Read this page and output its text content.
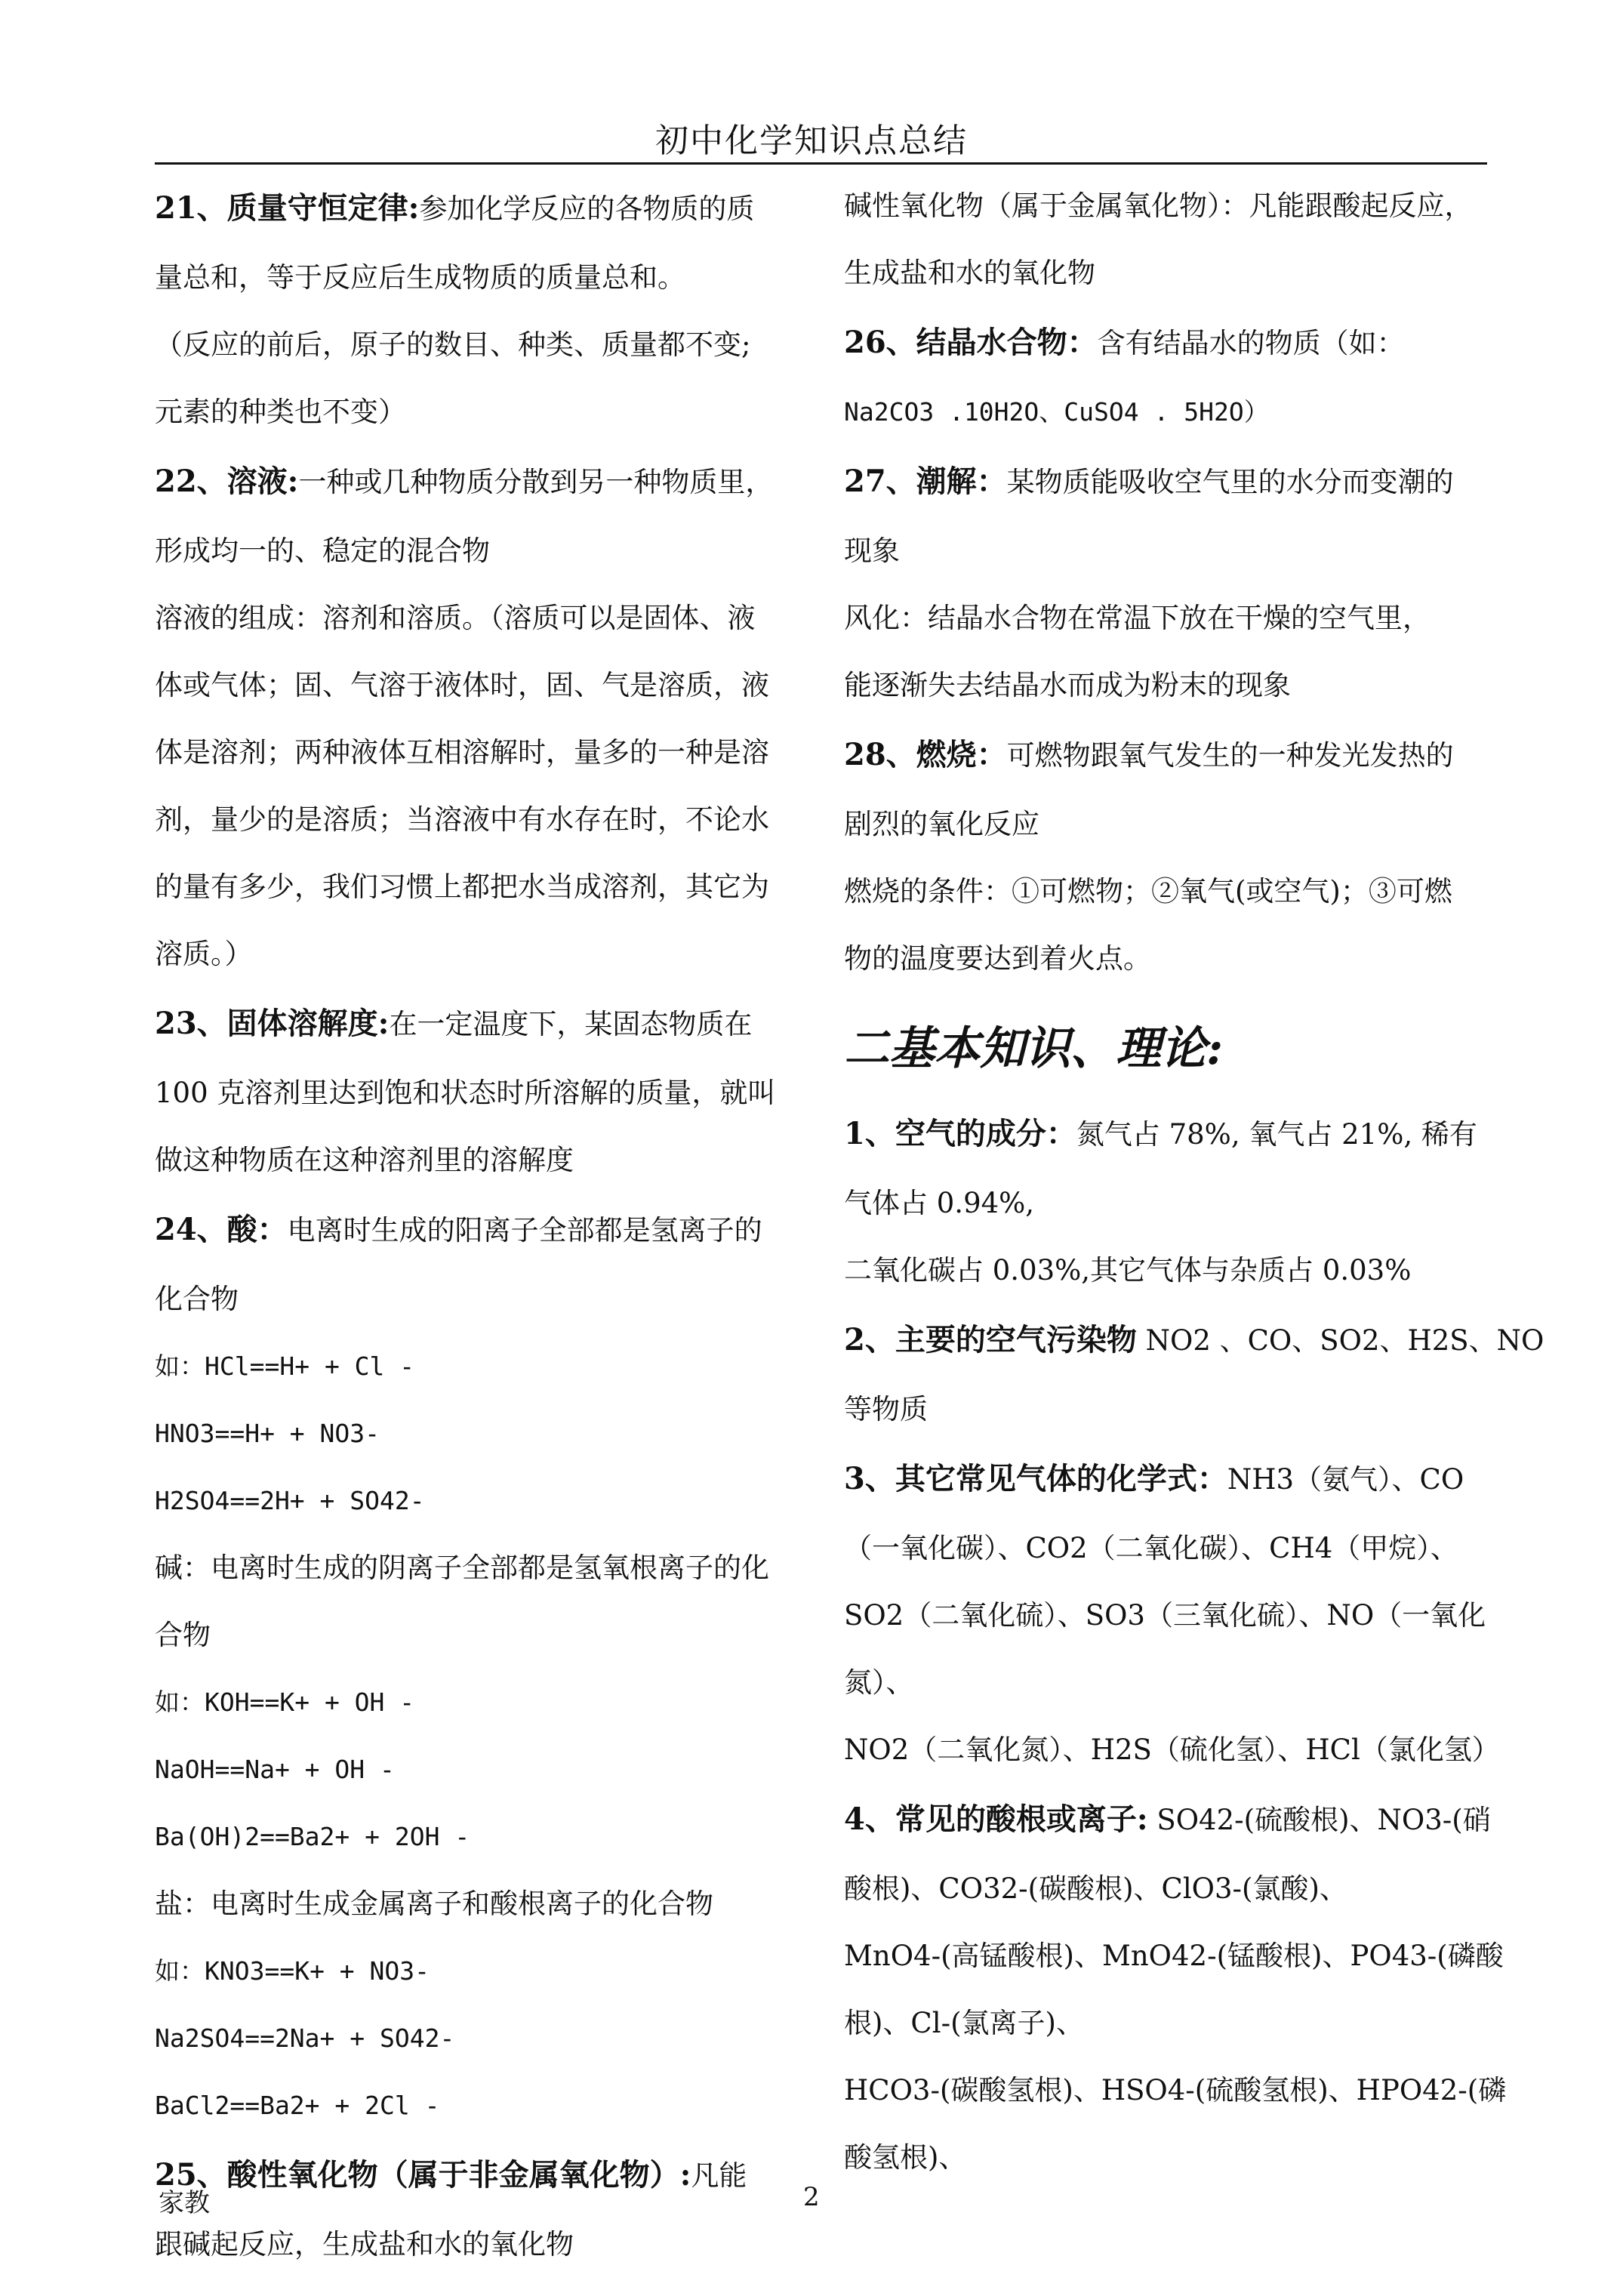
初中化学知识点总结
21、质量守恒定律:参加化学反应的各物质的质
量总和，等于反应后生成物质的质量总和。
（反应的前后，原子的数目、种类、质量都不变;
元素的种类也不变）
22、溶液:一种或几种物质分散到另一种物质里，
形成均一的、稳定的混合物
溶液的组成：溶剂和溶质。（溶质可以是固体、液
体或气体；固、气溶于液体时，固、气是溶质，液
体是溶剂；两种液体互相溶解时，量多的一种是溶
剂，量少的是溶质；当溶液中有水存在时，不论水
的量有多少，我们习惯上都把水当成溶剂，其它为
溶质。）
23、固体溶解度:在一定温度下，某固态物质在
100 克溶剂里达到饱和状态时所溶解的质量，就叫
做这种物质在这种溶剂里的溶解度
24、酸：电离时生成的阳离子全部都是氢离子的
化合物
如：HCl==H+ + Cl -
HNO3==H+ + NO3-
H2SO4==2H+ + SO42-
碱：电离时生成的阴离子全部都是氢氧根离子的化
合物
如：KOH==K+ + OH -
NaOH==Na+ + OH -
Ba(OH)2==Ba2+ + 2OH -
盐：电离时生成金属离子和酸根离子的化合物
如：KNO3==K+ + NO3-
Na2SO4==2Na+ + SO42-
BaCl2==Ba2+ + 2Cl -
25、酸性氧化物（属于非金属氧化物）:凡能
跟碱起反应，生成盐和水的氧化物
碱性氧化物（属于金属氧化物）：凡能跟酸起反应，
生成盐和水的氧化物
26、结晶水合物：含有结晶水的物质（如：
Na2CO3 .10H2O、CuSO4 . 5H2O）
27、潮解：某物质能吸收空气里的水分而变潮的
现象
风化：结晶水合物在常温下放在干燥的空气里，
能逐渐失去结晶水而成为粉末的现象
28、燃烧：可燃物跟氧气发生的一种发光发热的
剧烈的氧化反应
燃烧的条件：①可燃物；②氧气(或空气)；③可燃
物的温度要达到着火点。
二基本知识、理论:
1、空气的成分：氮气占 78%, 氧气占 21%, 稀有
气体占 0.94%,
二氧化碳占 0.03%,其它气体与杂质占 0.03%
2、主要的空气污染物 NO2 、CO、SO2、H2S、NO
等物质
3、其它常见气体的化学式：NH3（氨气）、CO
（一氧化碳）、CO2（二氧化碳）、CH4（甲烷）、
SO2（二氧化硫）、SO3（三氧化硫）、NO（一氧化
氮）、
NO2（二氧化氮）、H2S（硫化氢）、HCl（氯化氢）
4、常见的酸根或离子: SO42-(硫酸根)、NO3-(硝
酸根)、CO32-(碳酸根)、ClO3-(氯酸)、
MnO4-(高锰酸根)、MnO42-(锰酸根)、PO43-(磷酸
根)、Cl-(氯离子)、
HCO3-(碳酸氢根)、HSO4-(硫酸氢根)、HPO42-(磷
酸氢根)、
家教	2
